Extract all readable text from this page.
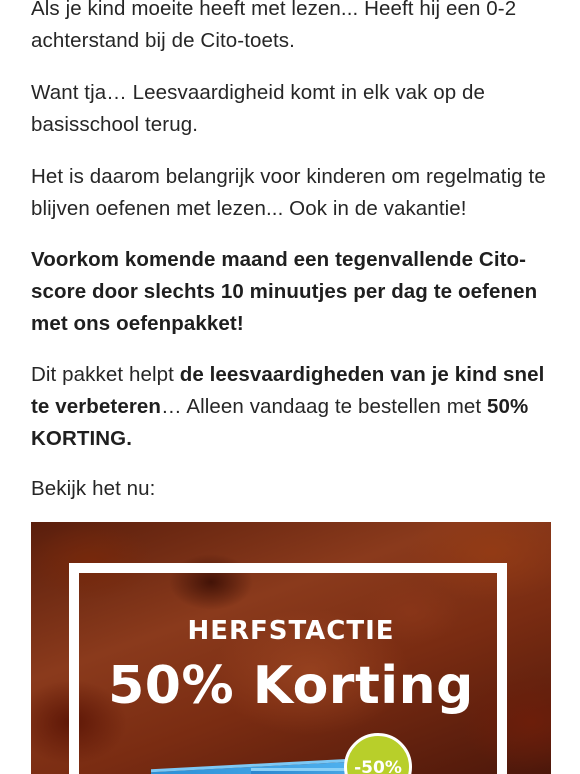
Als je kind moeite heeft met lezen... Heeft hij een 0-2 achterstand bij de Cito-toets.
Want tja… Leesvaardigheid komt in elk vak op de basisschool terug.
Het is daarom belangrijk voor kinderen om regelmatig te blijven oefenen met lezen... Ook in de vakantie!
Voorkom komende maand een tegenvallende Cito-score door slechts 10 minuutjes per dag te oefenen met ons oefenpakket!
Dit pakket helpt de leesvaardigheden van je kind snel te verbeteren… Alleen vandaag te bestellen met 50% KORTING.
Bekijk het nu:
HERFSTACTIE
50% Korting
-50%
